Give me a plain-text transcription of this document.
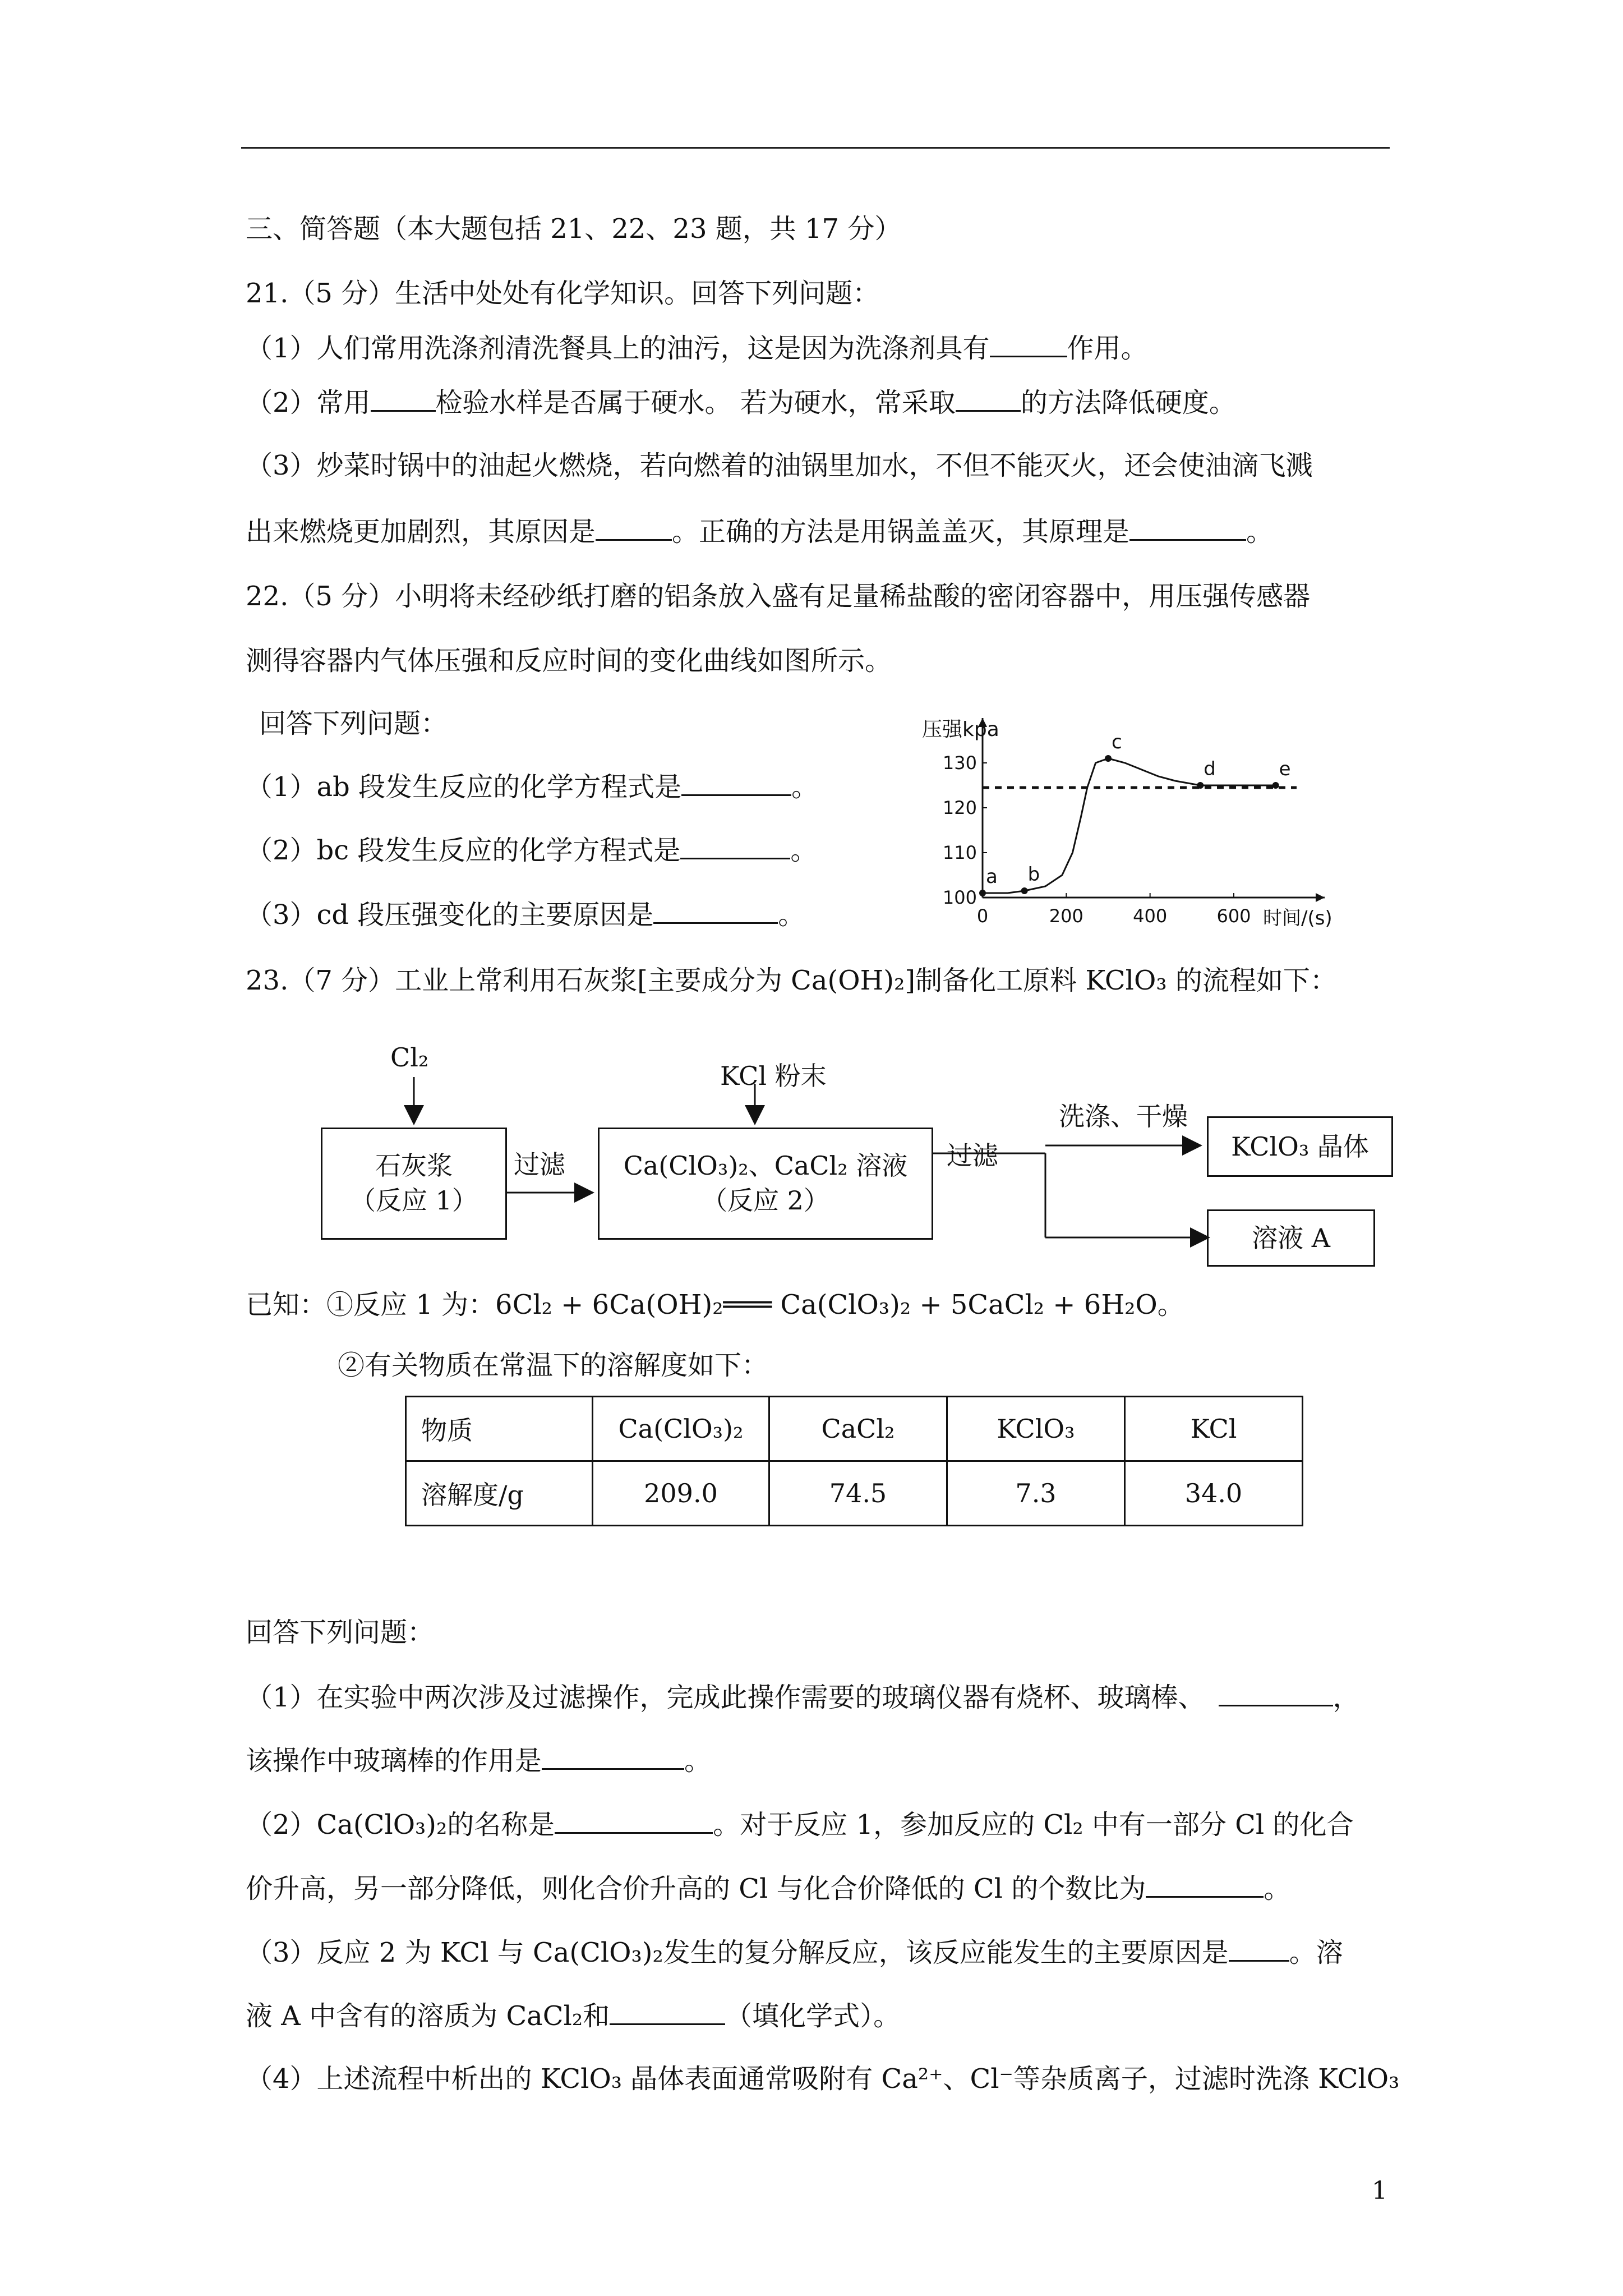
三、简答题（本大题包括 21、22、23 题，共 17 分）
21.（5 分）生活中处处有化学知识。回答下列问题：
（1）人们常用洗涤剂清洗餐具上的油污，这是因为洗涤剂具有	作用。
（2）常用 检验水样是否属于硬水。 若为硬水，常采取 的方法降低硬度。
（3）炒菜时锅中的油起火燃烧，若向燃着的油锅里加水，不但不能灭火，还会使油滴飞溅
出来燃烧更加剧烈，其原因是	。正确的方法是用锅盖盖灭，其原理是	。
22.（5 分）小明将未经砂纸打磨的铝条放入盛有足量稀盐酸的密闭容器中，用压强传感器
测得容器内气体压强和反应时间的变化曲线如图所示。
回答下列问题：
（1）ab 段发生反应的化学方程式是	。
（2）bc 段发生反应的化学方程式是	。
（3）cd 段压强变化的主要原因是	。	0	200	400	600
100
110
120
130
a b
c
d	e
压强kpa
时间/(s)
23.（7 分）工业上常利用石灰浆[主要成分为 Ca(OH)₂]制备化工原料 KClO₃ 的流程如下：
Cl₂
石灰浆
（反应 1）
过滤
KCl 粉末
Ca(ClO₃)₂、CaCl₂ 溶液
（反应 2）
过滤
洗涤、干燥
KClO₃ 晶体
溶液 A
已知：①反应 1 为：6Cl₂ + 6Ca(OH)₂═══ Ca(ClO₃)₂ + 5CaCl₂ + 6H₂O。
②有关物质在常温下的溶解度如下：
物质	Ca(ClO₃)₂	CaCl₂	KClO₃	KCl
溶解度/g	209.0	74.5	7.3	34.0
回答下列问题：
（1）在实验中两次涉及过滤操作，完成此操作需要的玻璃仪器有烧杯、玻璃棒、	，
该操作中玻璃棒的作用是	。
（2）Ca(ClO₃)₂的名称是	。对于反应 1，参加反应的 Cl₂ 中有一部分 Cl 的化合
价升高，另一部分降低，则化合价升高的 Cl 与化合价降低的 Cl 的个数比为	。
（3）反应 2 为 KCl 与 Ca(ClO₃)₂发生的复分解反应，该反应能发生的主要原因是 。溶
液 A 中含有的溶质为 CaCl₂和	（填化学式）。
（4）上述流程中析出的 KClO₃ 晶体表面通常吸附有 Ca²⁺、Cl⁻等杂质离子，过滤时洗涤 KClO₃
1
